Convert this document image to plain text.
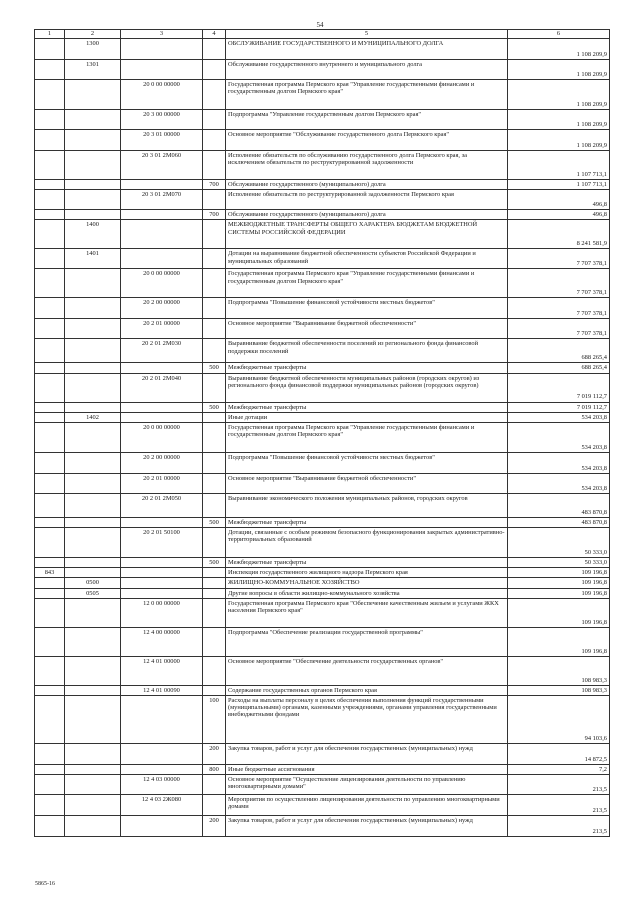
54
1	2	3	4	5	6
	1300			ОБСЛУЖИВАНИЕ ГОСУДАРСТВЕННОГО И МУНИЦИПАЛЬНОГО ДОЛГА	1 108 209,9
	1301			Обслуживание государственного внутреннего и муниципального долга	1 108 209,9
		20 0 00 00000		Государственная программа Пермского края "Управление государственными финансами и государственным долгом Пермского края"	1 108 209,9
		20 3 00 00000		Подпрограмма "Управление государственным долгом Пермского края"	1 108 209,9
		20 3 01 00000		Основное мероприятие "Обслуживание государственного долга Пермского края"	1 108 209,9
		20 3 01 2М060		Исполнение обязательств по обслуживанию государственного долга Пермского края, за исключением обязательств по реструктурированной задолженности	1 107 713,1
			700	Обслуживание государственного (муниципального) долга	1 107 713,1
		20 3 01 2М070		Исполнение обязательств по реструктурированной задолженности Пермского края	496,8
			700	Обслуживание государственного (муниципального) долга	496,8
	1400			МЕЖБЮДЖЕТНЫЕ ТРАНСФЕРТЫ ОБЩЕГО ХАРАКТЕРА БЮДЖЕТАМ БЮДЖЕТНОЙ СИСТЕМЫ РОССИЙСКОЙ ФЕДЕРАЦИИ	8 241 581,9
	1401			Дотации на выравнивание бюджетной обеспеченности субъектов Российской Федерации и муниципальных образований	7 707 378,1
		20 0 00 00000		Государственная программа Пермского края "Управление государственными финансами и государственным долгом Пермского края"	7 707 378,1
		20 2 00 00000		Подпрограмма "Повышение финансовой устойчивости местных бюджетов"	7 707 378,1
		20 2 01 00000		Основное мероприятие "Выравнивание бюджетной обеспеченности"	7 707 378,1
		20 2 01 2М030		Выравнивание бюджетной обеспеченности поселений из регионального фонда финансовой поддержки поселений	688 265,4
			500	Межбюджетные трансферты	688 265,4
		20 2 01 2М040		Выравнивание бюджетной обеспеченности муниципальных районов (городских округов) из регионального фонда финансовой поддержки муниципальных районов (городских округов)	7 019 112,7
			500	Межбюджетные трансферты	7 019 112,7
	1402			Иные дотации	534 203,8
		20 0 00 00000		Государственная программа Пермского края "Управление государственными финансами и государственным долгом Пермского края"	534 203,8
		20 2 00 00000		Подпрограмма "Повышение финансовой устойчивости местных бюджетов"	534 203,8
		20 2 01 00000		Основное мероприятие "Выравнивание бюджетной обеспеченности"	534 203,8
		20 2 01 2М050		Выравнивание экономического положения муниципальных районов, городских округов	483 870,8
			500	Межбюджетные трансферты	483 870,8
		20 2 01 50100		Дотации, связанные с особым режимом безопасного функционирования закрытых административно-территориальных образований	50 333,0
			500	Межбюджетные трансферты	50 333,0
843				Инспекция государственного жилищного надзора Пермского края	109 196,8
	0500			ЖИЛИЩНО-КОММУНАЛЬНОЕ ХОЗЯЙСТВО	109 196,8
	0505			Другие вопросы в области жилищно-коммунального хозяйства	109 196,8
		12 0 00 00000		Государственная программа Пермского края "Обеспечение качественным жильем и услугами ЖКХ населения Пермского края"	109 196,8
		12 4 00 00000		Подпрограмма "Обеспечение реализации государственной программы"	109 196,8
		12 4 01 00000		Основное мероприятие "Обеспечение деятельности государственных органов"	108 983,3
		12 4 01 00090		Содержание государственных органов Пермского края	108 983,3
			100	Расходы на выплаты персоналу в целях обеспечения выполнения функций государственными (муниципальными) органами, казенными учреждениями, органами управления государственными внебюджетными фондами	94 103,6
			200	Закупка товаров, работ и услуг для обеспечения государственных (муниципальных) нужд	14 872,5
			800	Иные бюджетные ассигнования	7,2
		12 4 03 00000		Основное мероприятие "Осуществление лицензирования деятельности по управлению многоквартирными домами"	213,5
		12 4 03 2Ж080		Мероприятия по осуществлению лицензирования деятельности по управлению многоквартирными домами	213,5
			200	Закупка товаров, работ и услуг для обеспечения государственных (муниципальных) нужд	213,5
5865-16
